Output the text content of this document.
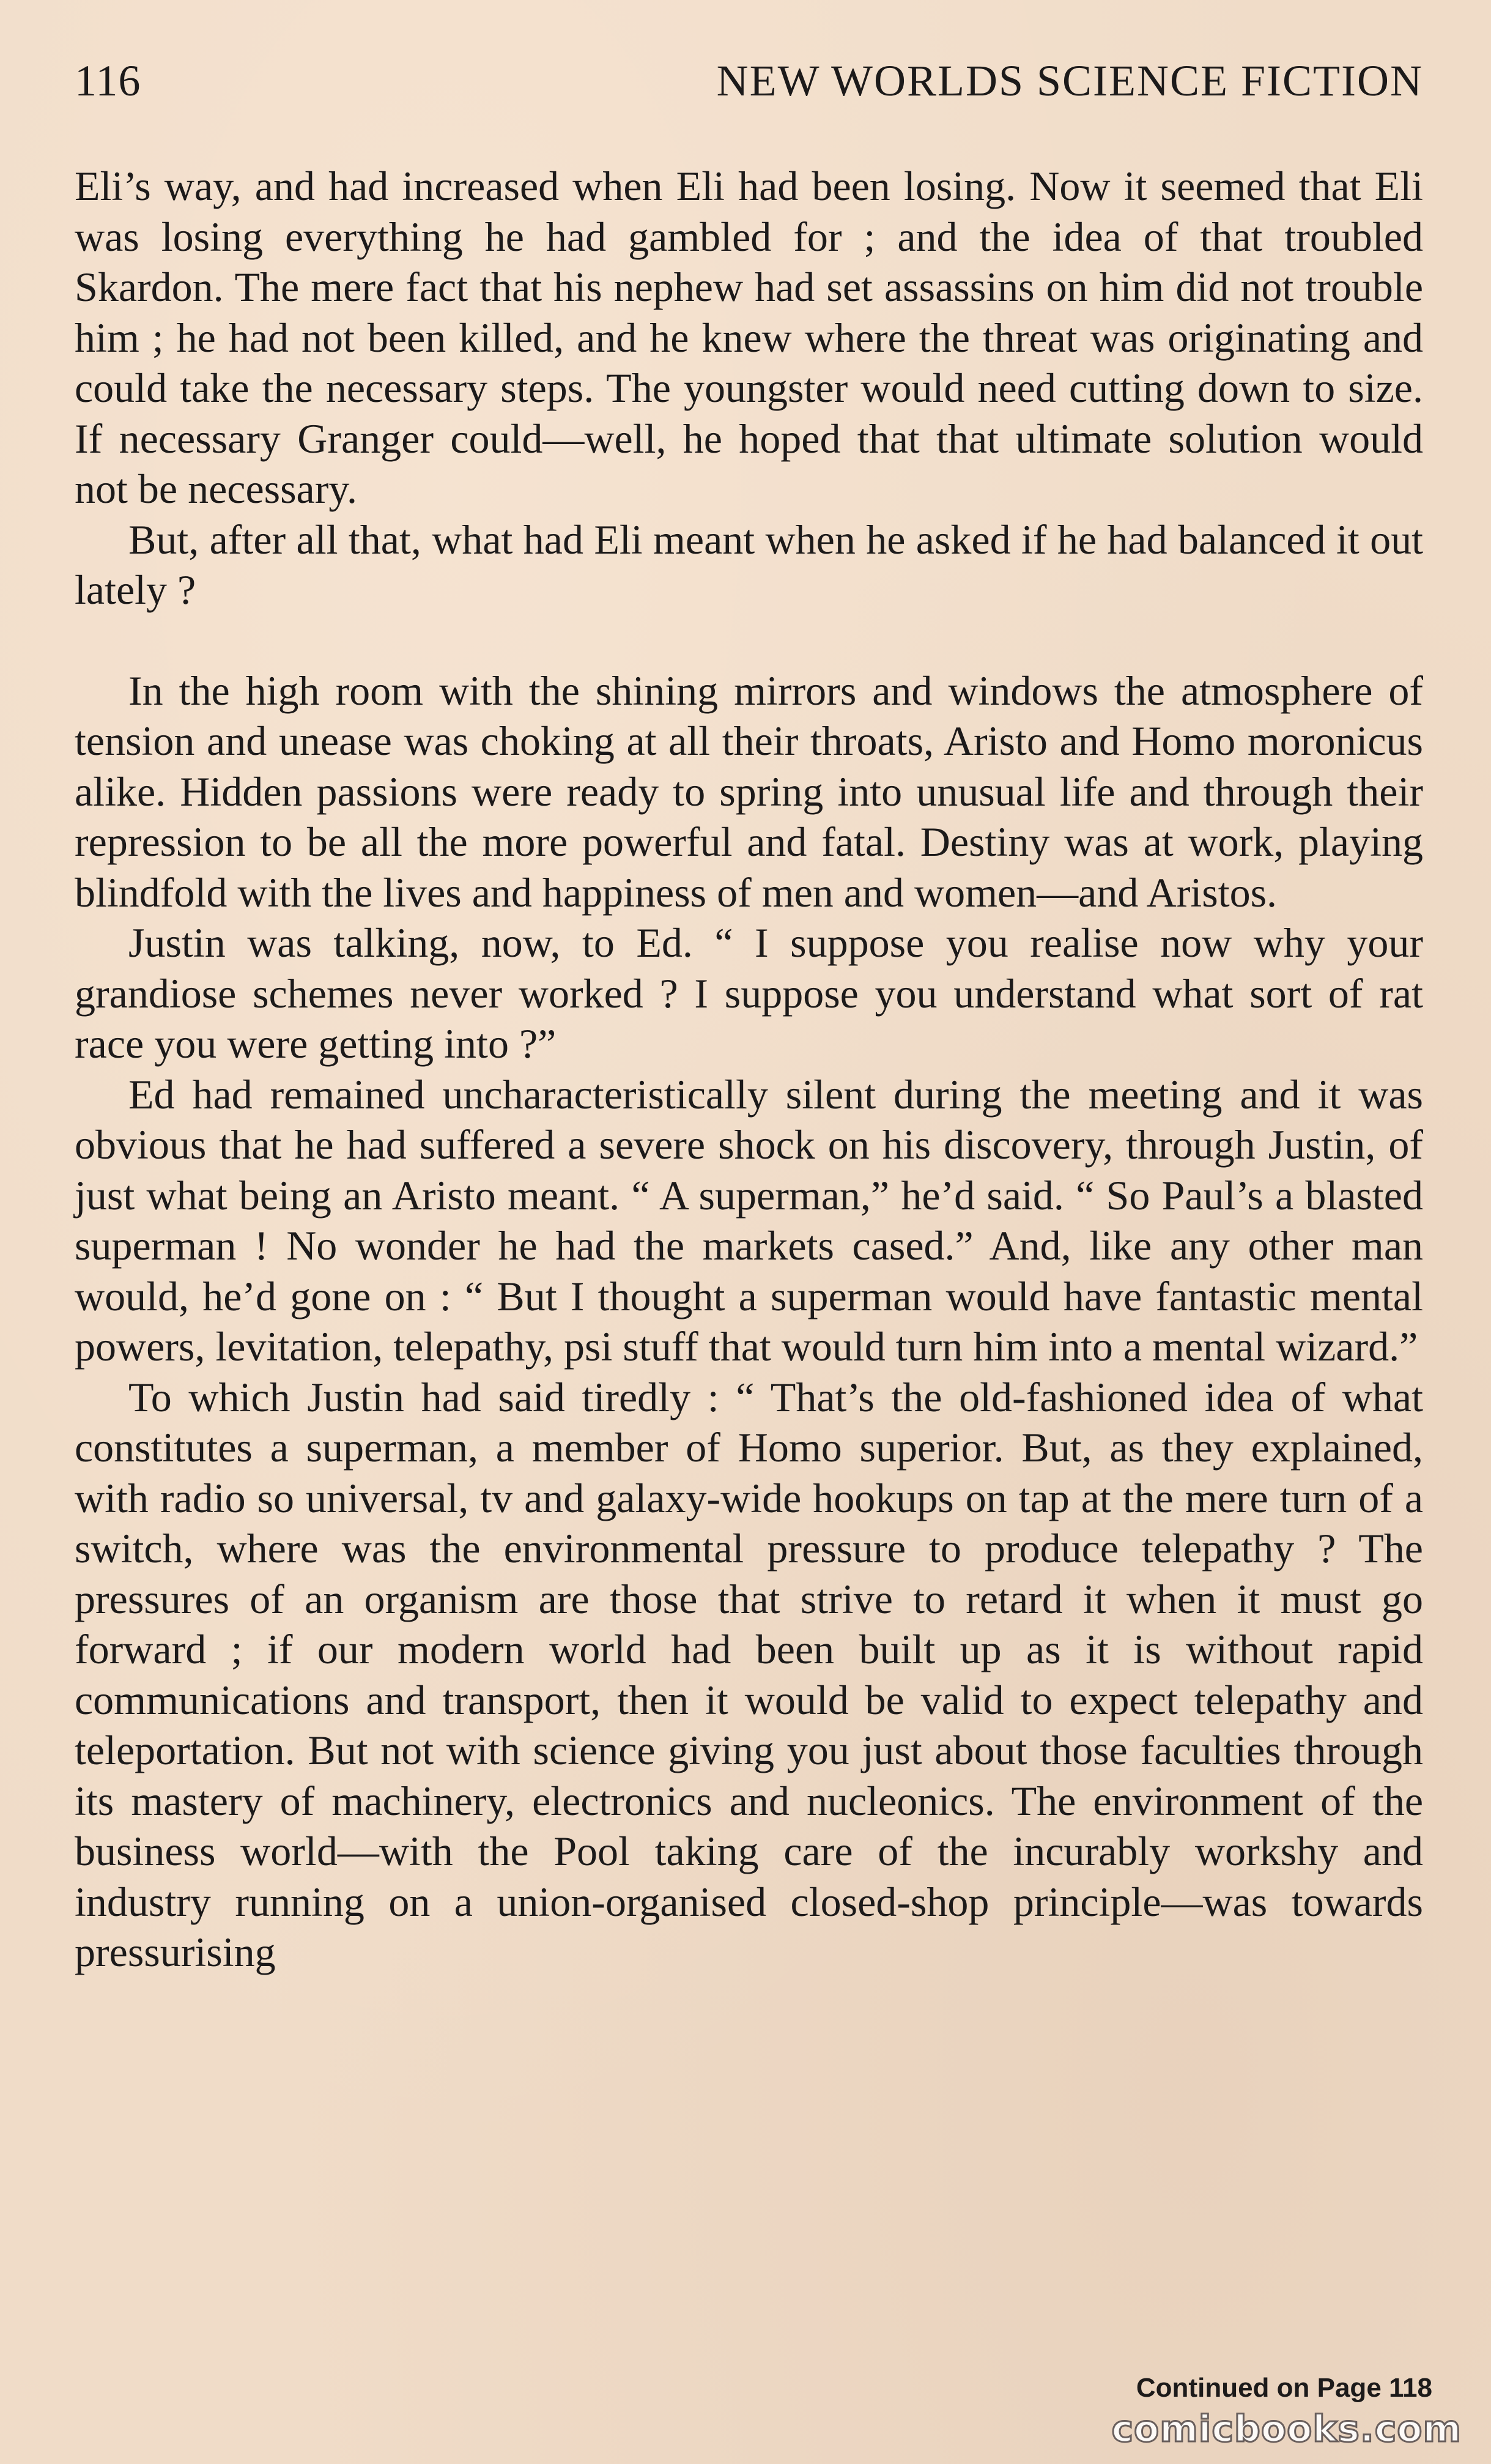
116	NEW WORLDS SCIENCE FICTION

Eli’s way, and had increased when Eli had been losing. Now it seemed that Eli was losing everything he had gambled for ; and the idea of that troubled Skardon. The mere fact that his nephew had set assassins on him did not trouble him ; he had not been killed, and he knew where the threat was originating and could take the necessary steps. The youngster would need cutting down to size. If necessary Granger could—well, he hoped that that ultimate solution would not be necessary.

But, after all that, what had Eli meant when he asked if he had balanced it out lately ?

In the high room with the shining mirrors and windows the atmosphere of tension and unease was choking at all their throats, Aristo and Homo moronicus alike. Hidden passions were ready to spring into unusual life and through their repression to be all the more powerful and fatal. Destiny was at work, playing blindfold with the lives and happiness of men and women—and Aristos.

Justin was talking, now, to Ed. “ I suppose you realise now why your grandiose schemes never worked ? I suppose you understand what sort of rat race you were getting into ?”

Ed had remained uncharacteristically silent during the meeting and it was obvious that he had suffered a severe shock on his discovery, through Justin, of just what being an Aristo meant. “ A superman,” he’d said. “ So Paul’s a blasted superman ! No wonder he had the markets cased.” And, like any other man would, he’d gone on : “ But I thought a superman would have fantastic mental powers, levitation, telepathy, psi stuff that would turn him into a mental wizard.”

To which Justin had said tiredly : “ That’s the old-fashioned idea of what constitutes a superman, a member of Homo superior. But, as they explained, with radio so universal, tv and galaxy-wide hookups on tap at the mere turn of a switch, where was the environmental pressure to produce telepathy ? The pressures of an organism are those that strive to retard it when it must go forward ; if our modern world had been built up as it is without rapid communications and transport, then it would be valid to expect telepathy and teleportation. But not with science giving you just about those faculties through its mastery of machinery, electronics and nucleonics. The environment of the business world—with the Pool taking care of the incurably workshy and industry running on a union-organised closed-shop principle—was towards pressurising

Continued on Page 118
comicbooks.com
